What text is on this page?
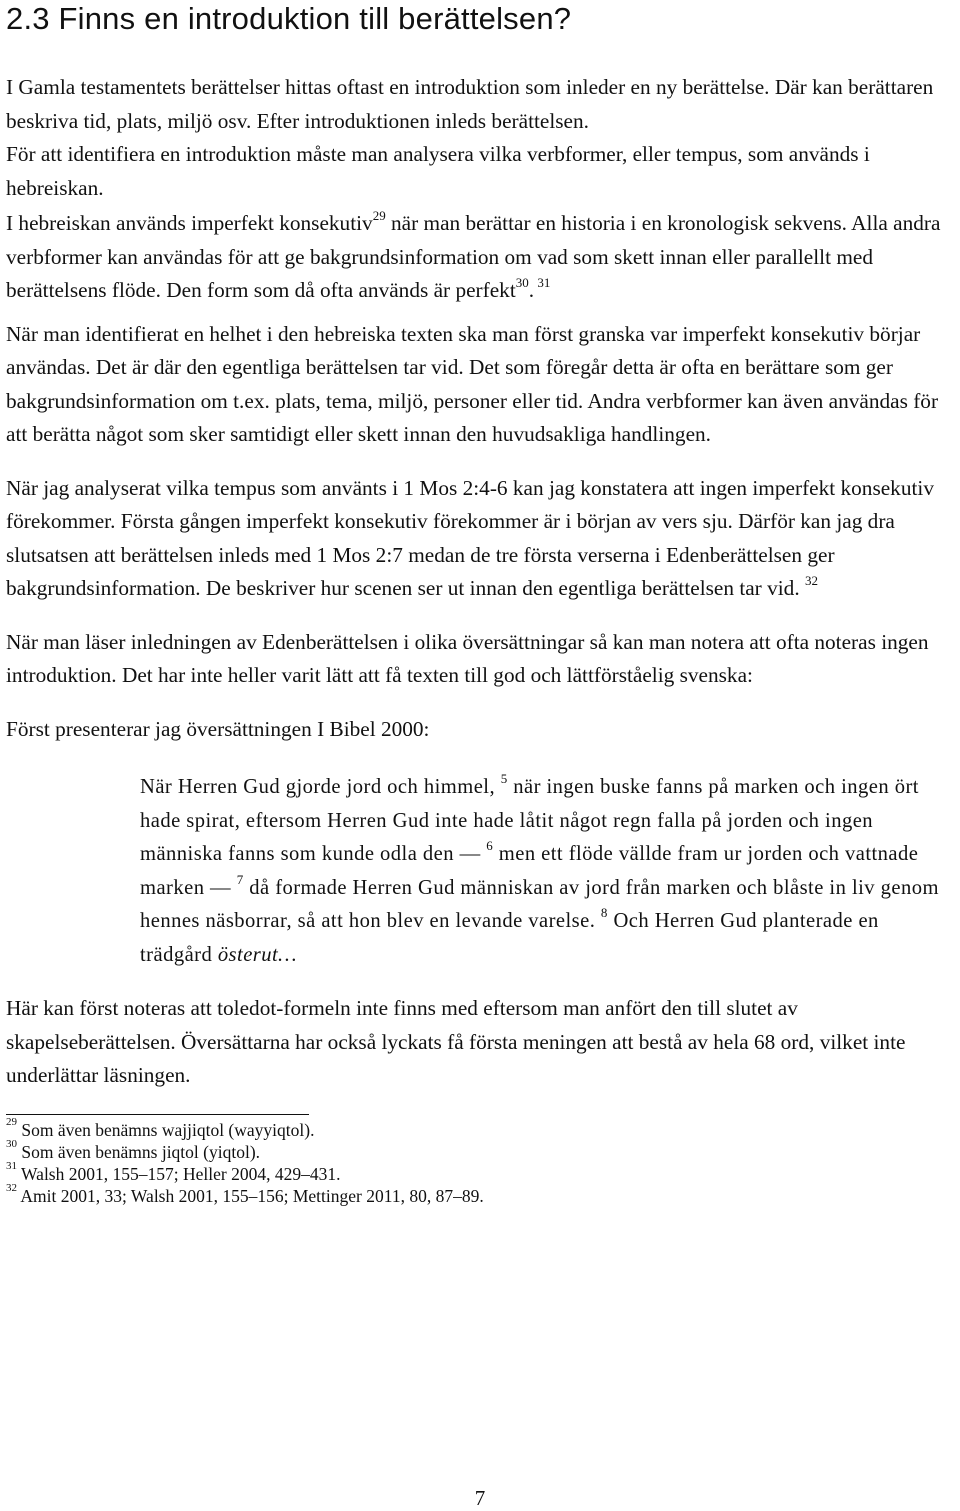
2.3 Finns en introduktion till berättelsen?

I Gamla testamentets berättelser hittas oftast en introduktion som inleder en ny berättelse. Där kan berättaren beskriva tid, plats, miljö osv. Efter introduktionen inleds berättelsen.

För att identifiera en introduktion måste man analysera vilka verbformer, eller tempus, som används i hebreiskan.

I hebreiskan används imperfekt konsekutiv$^{29}$ när man berättar en historia i en kronologisk sekvens. Alla andra verbformer kan användas för att ge bakgrundsinformation om vad som skett innan eller parallellt med berättelsens flöde. Den form som då ofta används är perfekt$^{30}$. $^{31}$

När man identifierat en helhet i den hebreiska texten ska man först granska var imperfekt konsekutiv börjar användas. Det är där den egentliga berättelsen tar vid. Det som föregår detta är ofta en berättare som ger bakgrundsinformation om t.ex. plats, tema, miljö, personer eller tid. Andra verbformer kan även användas för att berätta något som sker samtidigt eller skett innan den huvudsakliga handlingen.

När jag analyserat vilka tempus som använts i 1 Mos 2:4-6 kan jag konstatera att ingen imperfekt konsekutiv förekommer. Första gången imperfekt konsekutiv förekommer är i början av vers sju. Därför kan jag dra slutsatsen att berättelsen inleds med 1 Mos 2:7 medan de tre första verserna i Edenberättelsen ger bakgrundsinformation. De beskriver hur scenen ser ut innan den egentliga berättelsen tar vid. $^{32}$

När man läser inledningen av Edenberättelsen i olika översättningar så kan man notera att ofta noteras ingen introduktion. Det har inte heller varit lätt att få texten till god och lättförståelig svenska:

Först presenterar jag översättningen I Bibel 2000:

När Herren Gud gjorde jord och himmel, $^5$ när ingen buske fanns på marken och ingen ört hade spirat, eftersom Herren Gud inte hade låtit något regn falla på jorden och ingen människa fanns som kunde odla den — $^6$ men ett flöde vällde fram ur jorden och vattnade marken — $^7$ då formade Herren Gud människan av jord från marken och blåste in liv genom hennes näsborrar, så att hon blev en levande varelse. $^8$ Och Herren Gud planterade en trädgård österut…

Här kan först noteras att toledot-formeln inte finns med eftersom man anfört den till slutet av skapelseberättelsen. Översättarna har också lyckats få första meningen att bestå av hela 68 ord, vilket inte underlättar läsningen.

$^{29}$ Som även benämns wajjiqtol (wayyiqtol).

$^{30}$ Som även benämns jiqtol (yiqtol).

$^{31}$ Walsh 2001, 155–157; Heller 2004, 429–431.

$^{32}$ Amit 2001, 33; Walsh 2001, 155–156; Mettinger 2011, 80, 87–89.

7
